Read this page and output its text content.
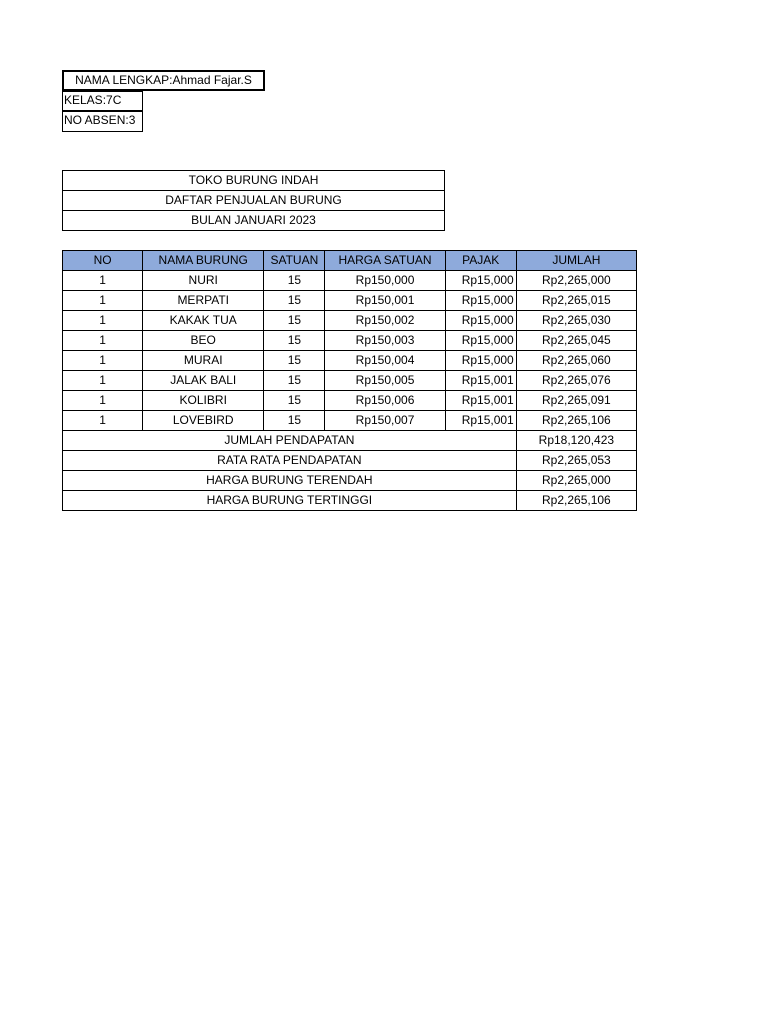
NAMA LENGKAP:Ahmad Fajar.S
KELAS:7C
NO ABSEN:3
TOKO BURUNG INDAH
DAFTAR PENJUALAN BURUNG
BULAN JANUARI 2023
NO	NAMA BURUNG	SATUAN	HARGA SATUAN	PAJAK	JUMLAH
1	NURI	15	Rp150,000	Rp15,000	Rp2,265,000
1	MERPATI	15	Rp150,001	Rp15,000	Rp2,265,015
1	KAKAK TUA	15	Rp150,002	Rp15,000	Rp2,265,030
1	BEO	15	Rp150,003	Rp15,000	Rp2,265,045
1	MURAI	15	Rp150,004	Rp15,000	Rp2,265,060
1	JALAK BALI	15	Rp150,005	Rp15,001	Rp2,265,076
1	KOLIBRI	15	Rp150,006	Rp15,001	Rp2,265,091
1	LOVEBIRD	15	Rp150,007	Rp15,001	Rp2,265,106
JUMLAH PENDAPATAN					Rp18,120,423
RATA RATA PENDAPATAN					Rp2,265,053
HARGA BURUNG TERENDAH					Rp2,265,000
HARGA BURUNG TERTINGGI					Rp2,265,106
